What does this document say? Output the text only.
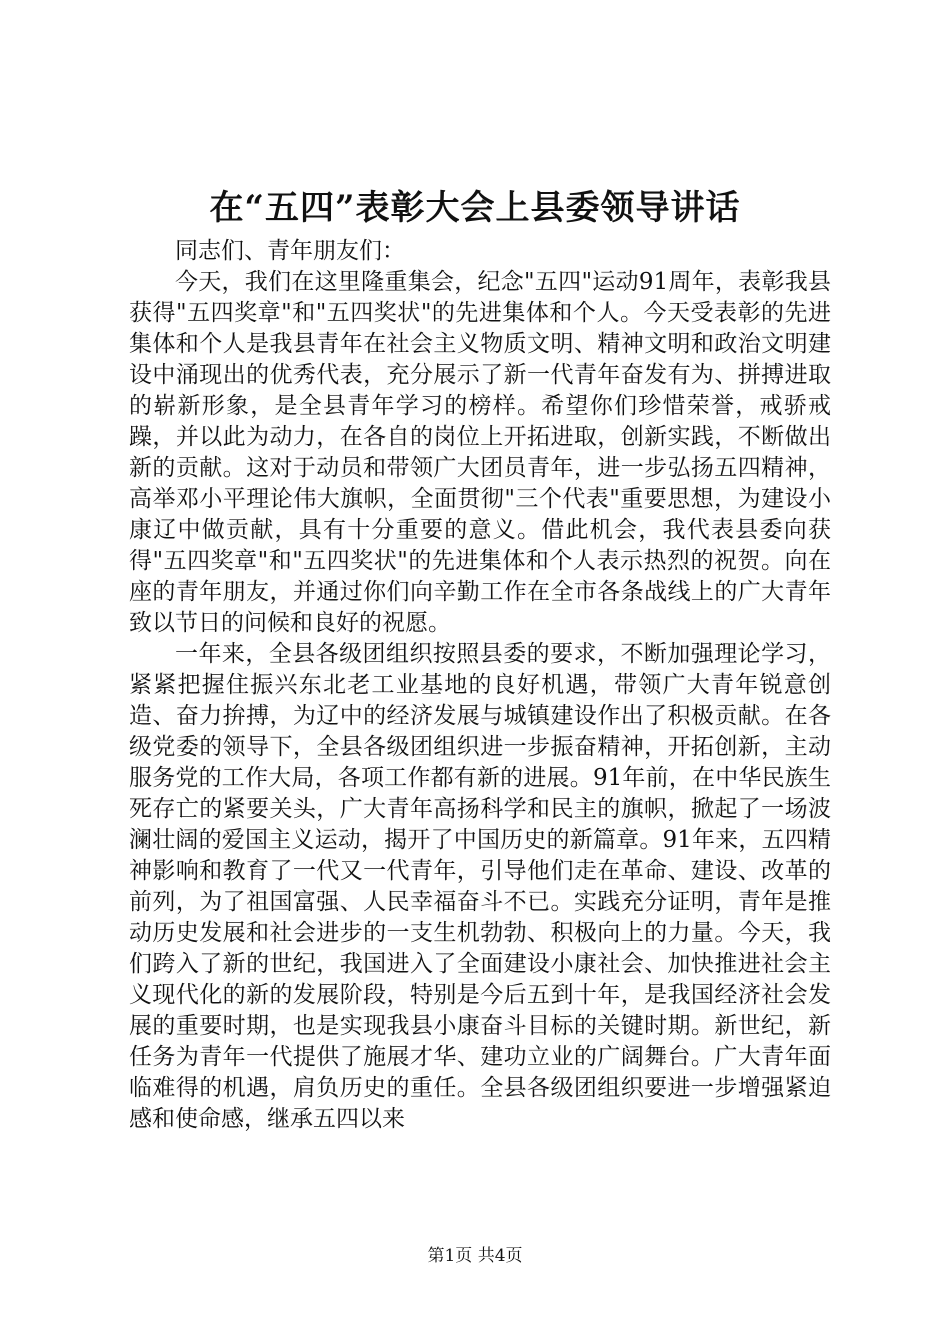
在“五四”表彰大会上县委领导讲话

同志们、青年朋友们：

今天，我们在这里隆重集会，纪念"五四"运动91周年，表彰我县获得"五四奖章"和"五四奖状"的先进集体和个人。今天受表彰的先进集体和个人是我县青年在社会主义物质文明、精神文明和政治文明建设中涌现出的优秀代表，充分展示了新一代青年奋发有为、拼搏进取的崭新形象，是全县青年学习的榜样。希望你们珍惜荣誉，戒骄戒躁，并以此为动力，在各自的岗位上开拓进取，创新实践，不断做出新的贡献。这对于动员和带领广大团员青年，进一步弘扬五四精神，高举邓小平理论伟大旗帜，全面贯彻"三个代表"重要思想，为建设小康辽中做贡献，具有十分重要的意义。借此机会，我代表县委向获得"五四奖章"和"五四奖状"的先进集体和个人表示热烈的祝贺。向在座的青年朋友，并通过你们向辛勤工作在全市各条战线上的广大青年致以节日的问候和良好的祝愿。

一年来，全县各级团组织按照县委的要求，不断加强理论学习，紧紧把握住振兴东北老工业基地的良好机遇，带领广大青年锐意创造、奋力拚搏，为辽中的经济发展与城镇建设作出了积极贡献。在各级党委的领导下，全县各级团组织进一步振奋精神，开拓创新，主动服务党的工作大局，各项工作都有新的进展。91年前，在中华民族生死存亡的紧要关头，广大青年高扬科学和民主的旗帜，掀起了一场波澜壮阔的爱国主义运动，揭开了中国历史的新篇章。91年来，五四精神影响和教育了一代又一代青年，引导他们走在革命、建设、改革的前列，为了祖国富强、人民幸福奋斗不已。实践充分证明，青年是推动历史发展和社会进步的一支生机勃勃、积极向上的力量。今天，我们跨入了新的世纪，我国进入了全面建设小康社会、加快推进社会主义现代化的新的发展阶段，特别是今后五到十年，是我国经济社会发展的重要时期，也是实现我县小康奋斗目标的关键时期。新世纪，新任务为青年一代提供了施展才华、建功立业的广阔舞台。广大青年面临难得的机遇，肩负历史的重任。全县各级团组织要进一步增强紧迫感和使命感，继承五四以来

第1页 共4页
